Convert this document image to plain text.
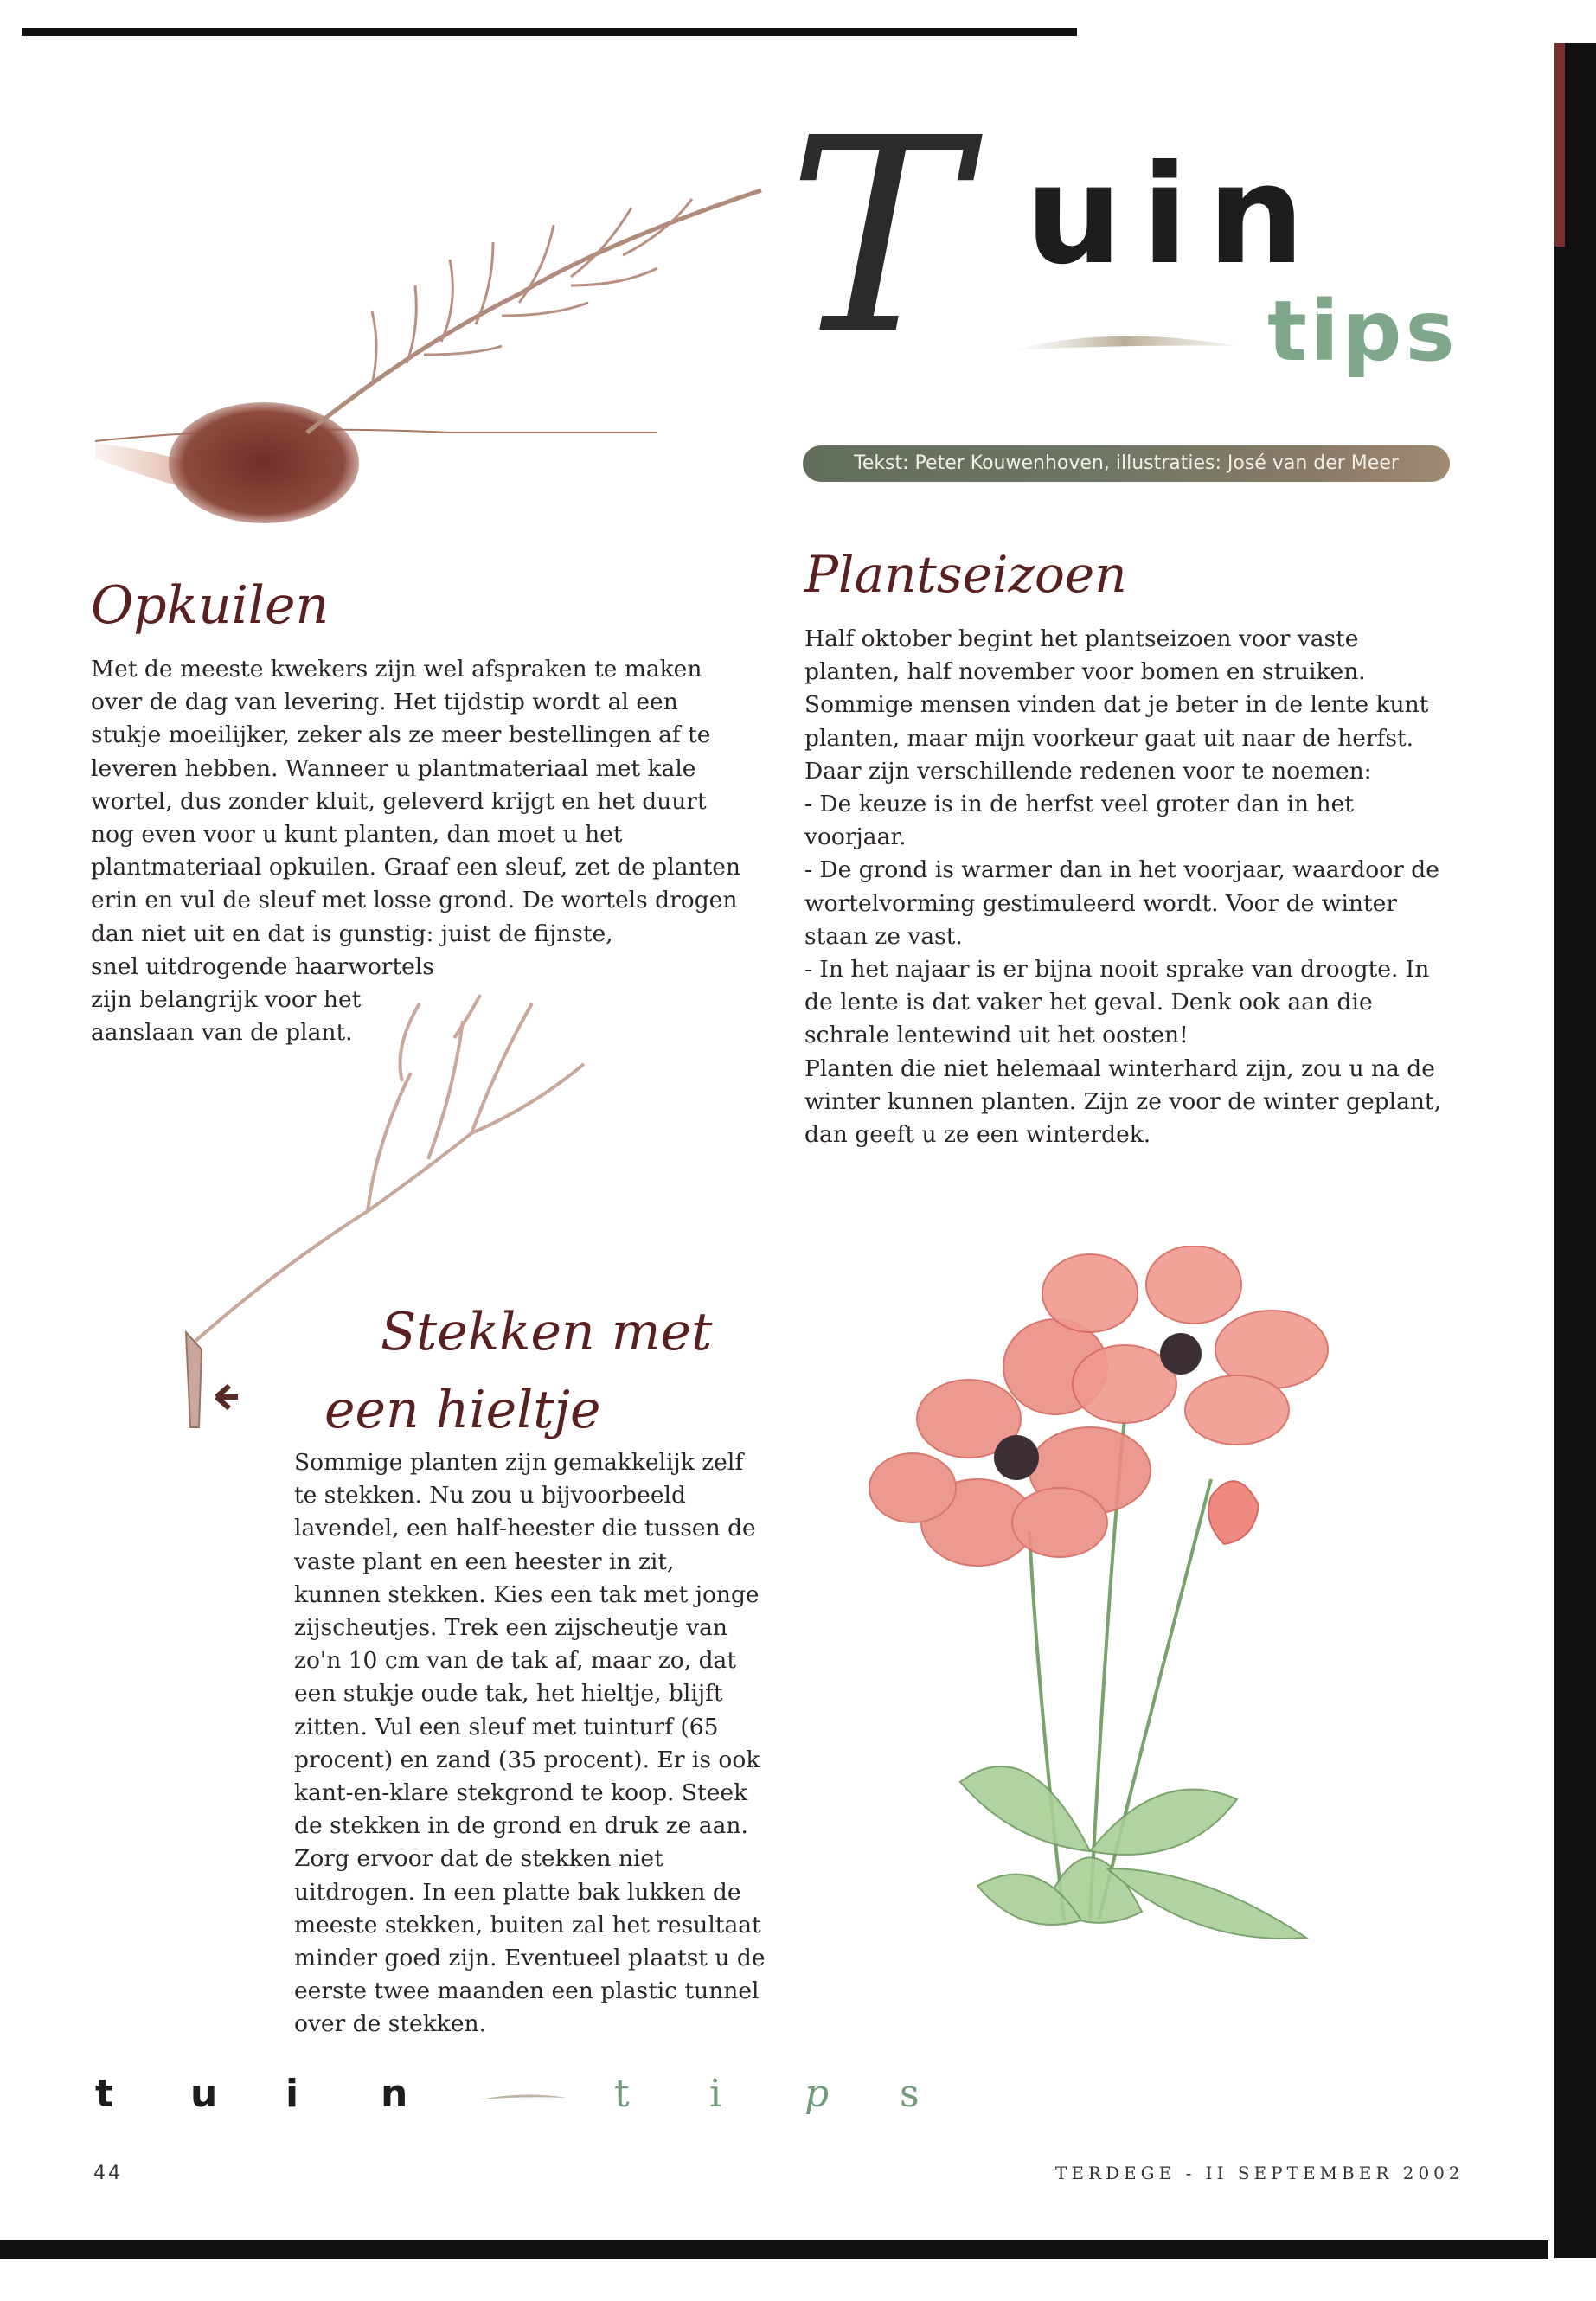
T uin
tips
Tekst: Peter Kouwenhoven, illustraties: José van der Meer
Opkuilen

Met de meeste kwekers zijn wel afspraken te maken over de dag van levering. Het tijdstip wordt al een stukje moeilijker, zeker als ze meer bestellingen af te leveren hebben. Wanneer u plantmateriaal met kale wortel, dus zonder kluit, geleverd krijgt en het duurt nog even voor u kunt planten, dan moet u het plantmateriaal opkuilen. Graaf een sleuf, zet de planten erin en vul de sleuf met losse grond. De wortels drogen dan niet uit en dat is gunstig: juist de fijnste,

snel uitdrogende haarwortels zijn belangrijk voor het aanslaan van de plant.

Plantseizoen

Half oktober begint het plantseizoen voor vaste planten, half november voor bomen en struiken. Sommige mensen vinden dat je beter in de lente kunt planten, maar mijn voorkeur gaat uit naar de herfst. Daar zijn verschillende redenen voor te noemen:

- De keuze is in de herfst veel groter dan in het voorjaar.

- De grond is warmer dan in het voorjaar, waardoor de wortelvorming gestimuleerd wordt. Voor de winter staan ze vast.

- In het najaar is er bijna nooit sprake van droogte. In de lente is dat vaker het geval. Denk ook aan die schrale lentewind uit het oosten!

Planten die niet helemaal winterhard zijn, zou u na de winter kunnen planten. Zijn ze voor de winter geplant, dan geeft u ze een winterdek.

Stekken met
een hieltje

Sommige planten zijn gemakkelijk zelf te stekken. Nu zou u bijvoorbeeld lavendel, een half-heester die tussen de vaste plant en een heester in zit, kunnen stekken. Kies een tak met jonge zijscheutjes. Trek een zijscheutje van zo'n 10 cm van de tak af, maar zo, dat een stukje oude tak, het hieltje, blijft zitten. Vul een sleuf met tuinturf (65 procent) en zand (35 procent). Er is ook kant-en-klare stekgrond te koop. Steek de stekken in de grond en druk ze aan. Zorg ervoor dat de stekken niet uitdrogen. In een platte bak lukken de meeste stekken, buiten zal het resultaat minder goed zijn. Eventueel plaatst u de eerste twee maanden een plastic tunnel over de stekken.

t	u	i	n	t	i	p	s
44	TERDEGE - II SEPTEMBER 2002
